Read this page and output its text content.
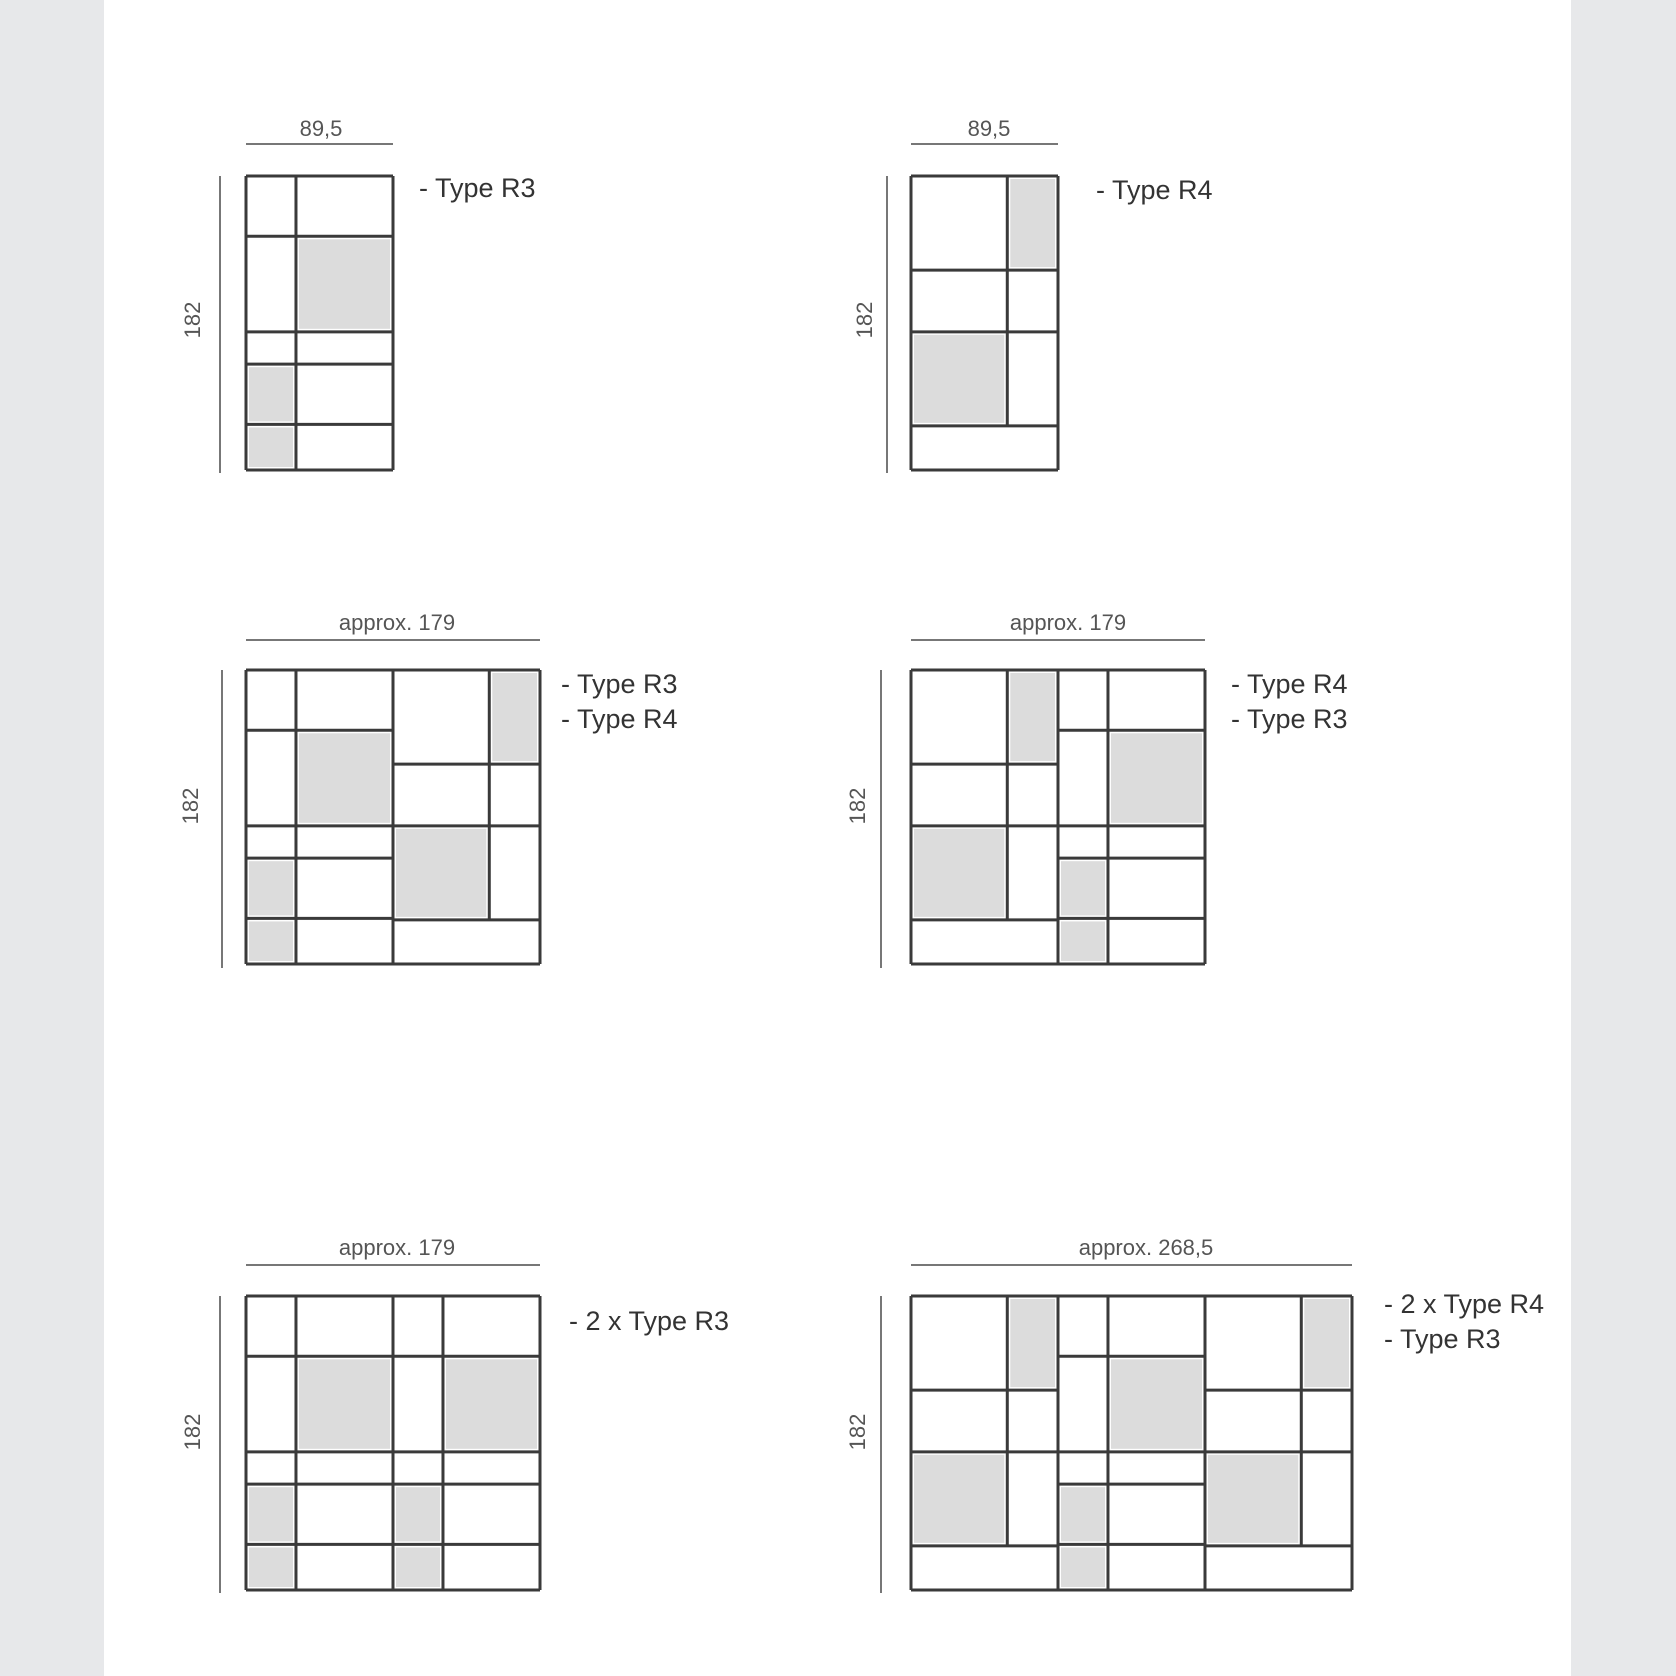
89,5
182
- Type R3
89,5
182
- Type R4
approx. 179
182
- Type R3
- Type R4
approx. 179
182
- Type R4
- Type R3
approx. 179
182
- 2 x Type R3
approx. 268,5
182
- 2 x Type R4
- Type R3
